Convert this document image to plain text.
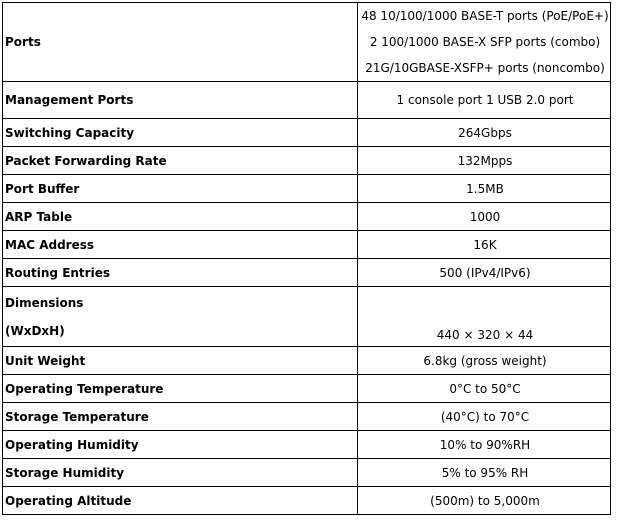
Ports	48 10/100/1000 BASE-T ports (PoE/PoE+)
2 100/1000 BASE-X SFP ports (combo)
21G/10GBASE-XSFP+ ports (noncombo)

Management Ports	1 console port 1 USB 2.0 port
Switching Capacity	264Gbps
Packet Forwarding Rate	132Mpps
Port Buffer	1.5MB
ARP Table	1000
MAC Address	16K
Routing Entries	500 (IPv4/IPv6)

Dimensions
(WxDxH)	440 × 320 × 44
Unit Weight	6.8kg (gross weight)
Operating Temperature	0°C to 50°C
Storage Temperature	(40°C) to 70°C
Operating Humidity	10% to 90%RH
Storage Humidity	5% to 95% RH
Operating Altitude	(500m) to 5,000m
